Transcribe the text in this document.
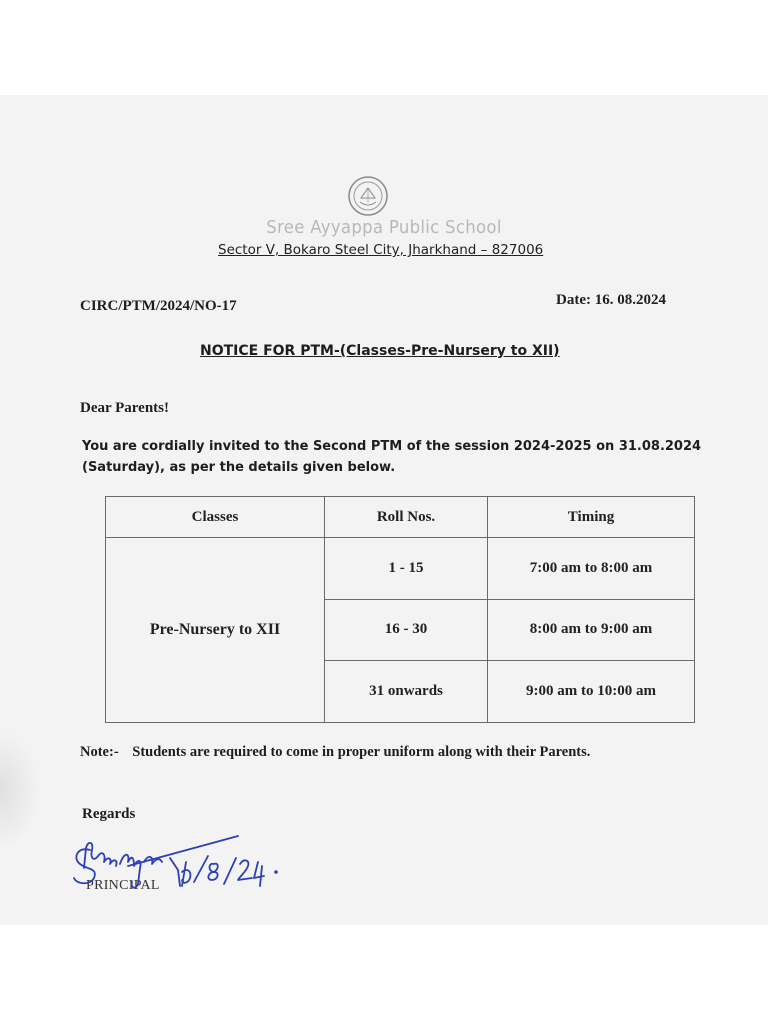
Sree Ayyappa Public School
Sector V, Bokaro Steel City, Jharkhand – 827006
CIRC/PTM/2024/NO-17	Date: 16. 08.2024
NOTICE FOR PTM-(Classes-Pre-Nursery to XII)
Dear Parents!
You are cordially invited to the Second PTM of the session 2024-2025 on 31.08.2024
(Saturday), as per the details given below.
Classes	Roll Nos.	Timing
Pre-Nursery to XII	1 - 15	7:00 am to 8:00 am
	16 - 30	8:00 am to 9:00 am
	31 onwards	9:00 am to 10:00 am
Note:- Students are required to come in proper uniform along with their Parents.
Regards
PRINCIPAL
